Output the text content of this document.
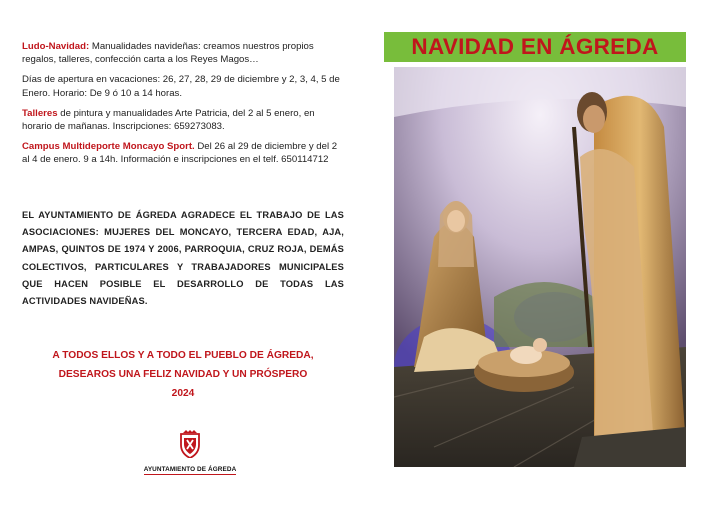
Ludo-Navidad: Manualidades navideñas: creamos nuestros propios regalos, talleres, confección carta a los Reyes Magos…

Días de apertura en vacaciones: 26, 27, 28, 29 de diciembre y 2, 3, 4, 5 de Enero. Horario: De 9 ó 10 a 14 horas.

Talleres de pintura y manualidades Arte Patricia, del 2 al 5 enero, en horario de mañanas. Inscripciones: 659273083.

Campus Multideporte Moncayo Sport. Del 26 al 29 de diciembre y del 2 al 4 de enero. 9 a 14h. Información e inscripciones en el telf. 650114712

EL AYUNTAMIENTO DE ÁGREDA AGRADECE EL TRABAJO DE LAS ASOCIACIONES: MUJERES DEL MONCAYO, TERCERA EDAD, AJA, AMPAS, QUINTOS DE 1974 Y 2006, PARROQUIA, CRUZ ROJA, DEMÁS COLECTIVOS, PARTICULARES Y TRABAJADORES MUNICIPALES QUE HACEN POSIBLE EL DESARROLLO DE TODAS LAS ACTIVIDADES NAVIDEÑAS.

A TODOS ELLOS Y A TODO EL PUEBLO DE ÁGREDA,
DESEAROS UNA FELIZ NAVIDAD Y UN PRÓSPERO
2024
AYUNTAMIENTO DE ÁGREDA
NAVIDAD EN ÁGREDA
